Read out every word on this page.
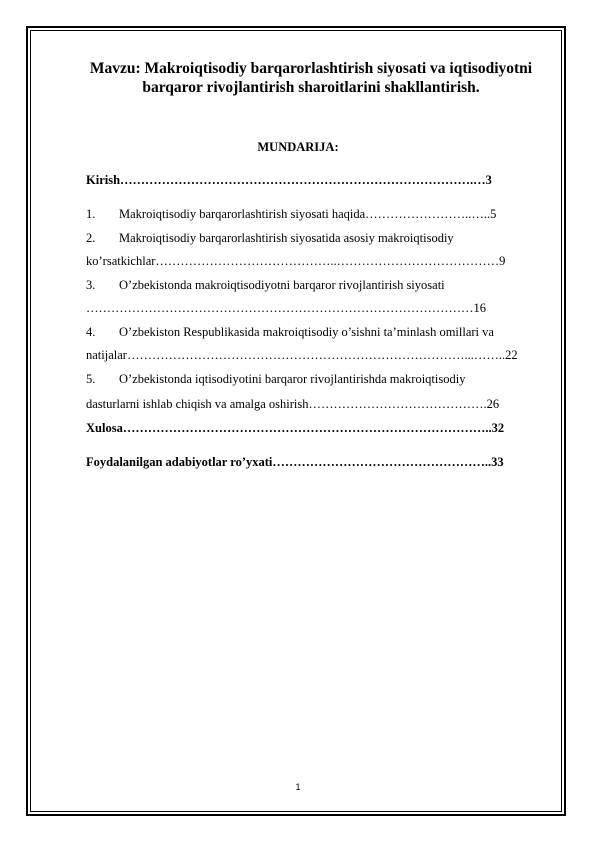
Mavzu: Makroiqtisodiy barqarorlashtirish siyosati va iqtisodiyotni
barqaror rivojlantirish sharoitlarini shakllantirish.
MUNDARIJA:
Kirish………………………………………………………………………….…3
1. Makroiqtisodiy barqarorlashtirish siyosati haqida……………………..…..5
2. Makroiqtisodiy barqarorlashtirish siyosatida asosiy makroiqtisodiy
ko’rsatkichlar……………………………………..…………………………………9
3. O’zbekistonda makroiqtisodiyotni barqaror rivojlantirish siyosati
…………………………………………………………………………………16
4. O’zbekiston Respublikasida makroiqtisodiy o’sishni ta’minlash omillari va
natijalar………………………………………………………………………...……..22
5. O’zbekistonda iqtisodiyotini barqaror rivojlantirishda makroiqtisodiy
dasturlarni ishlab chiqish va amalga oshirish…………………………………….26
Xulosa……………………………………………………………………………..32
Foydalanilgan adabiyotlar ro’yxati……………………………………………..33
1
